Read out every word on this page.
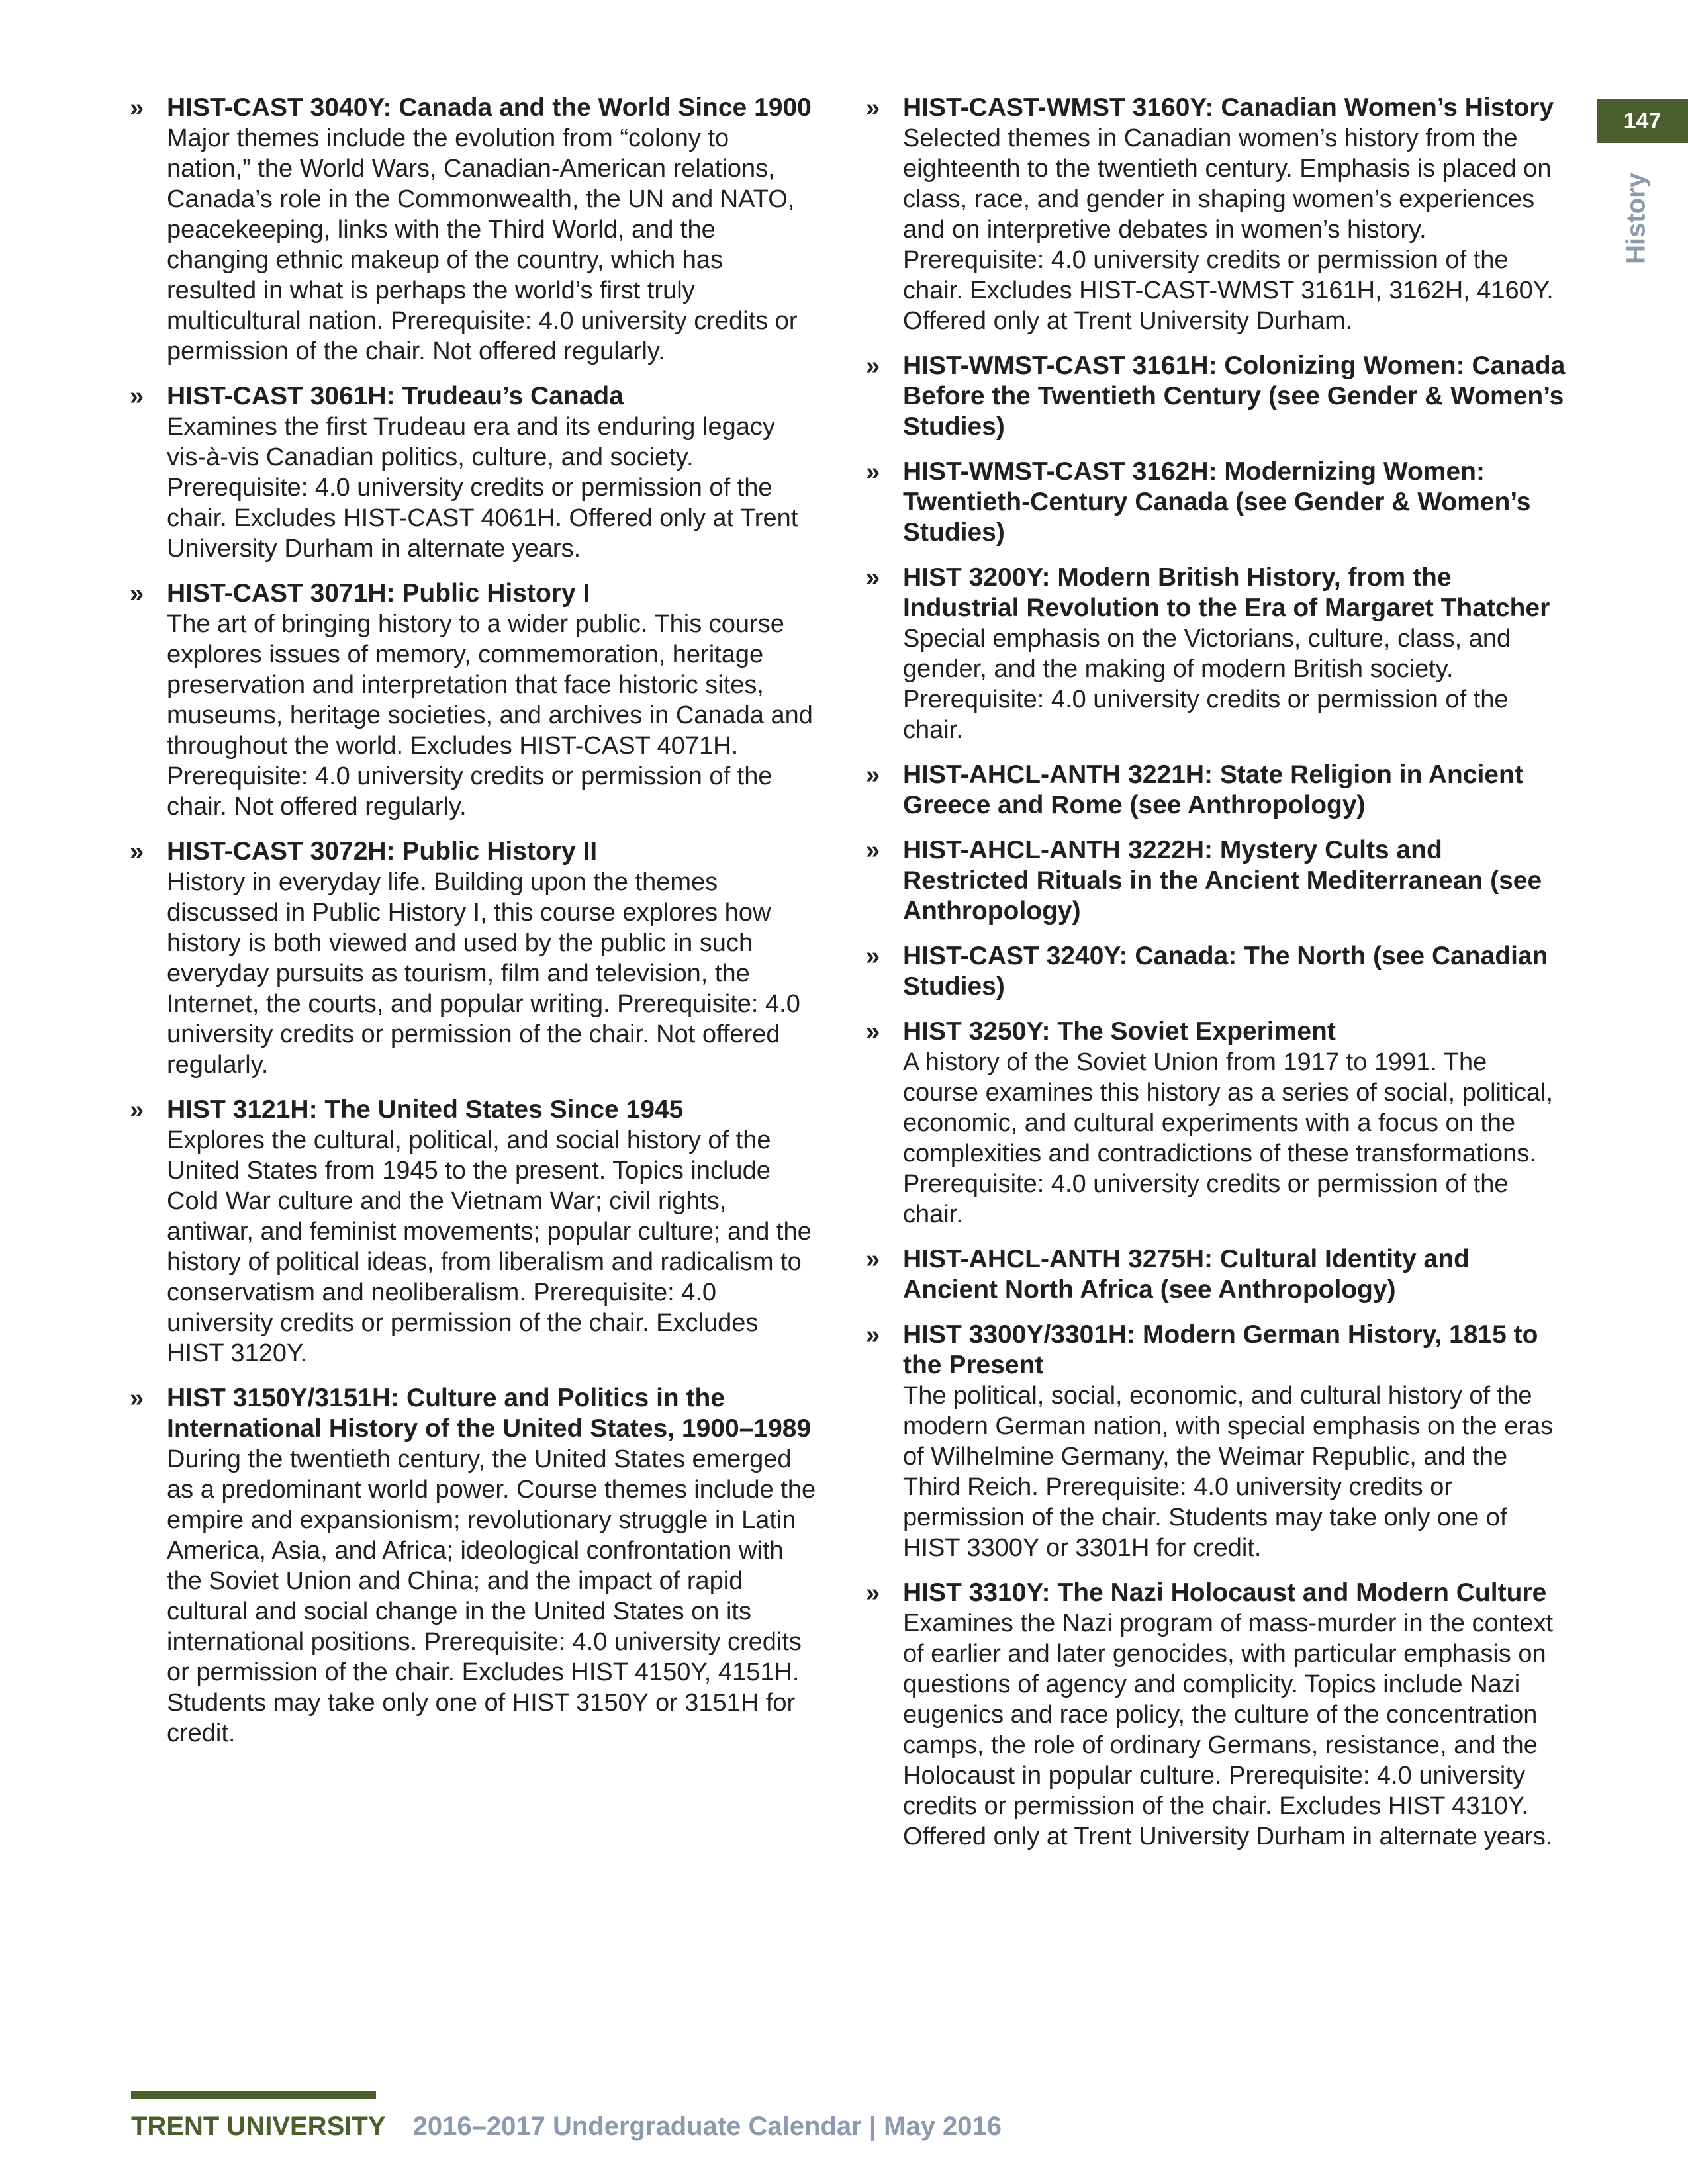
147
History
» HIST-CAST 3040Y: Canada and the World Since 1900

Major themes include the evolution from “colony to nation,” the World Wars, Canadian-American relations, Canada’s role in the Commonwealth, the UN and NATO, peacekeeping, links with the Third World, and the changing ethnic makeup of the country, which has resulted in what is perhaps the world’s first truly multicultural nation. Prerequisite: 4.0 university credits or permission of the chair. Not offered regularly.

» HIST-CAST 3061H: Trudeau’s Canada

Examines the first Trudeau era and its enduring legacy vis-à-vis Canadian politics, culture, and society. Prerequisite: 4.0 university credits or permission of the chair. Excludes HIST-CAST 4061H. Offered only at Trent University Durham in alternate years.

» HIST-CAST 3071H: Public History I

The art of bringing history to a wider public. This course explores issues of memory, commemoration, heritage preservation and interpretation that face historic sites, museums, heritage societies, and archives in Canada and throughout the world. Excludes HIST-CAST 4071H. Prerequisite: 4.0 university credits or permission of the chair. Not offered regularly.

» HIST-CAST 3072H: Public History II

History in everyday life. Building upon the themes discussed in Public History I, this course explores how history is both viewed and used by the public in such everyday pursuits as tourism, film and television, the Internet, the courts, and popular writing. Prerequisite: 4.0 university credits or permission of the chair. Not offered regularly.

» HIST 3121H: The United States Since 1945

Explores the cultural, political, and social history of the United States from 1945 to the present. Topics include Cold War culture and the Vietnam War; civil rights, antiwar, and feminist movements; popular culture; and the history of political ideas, from liberalism and radicalism to conservatism and neoliberalism. Prerequisite: 4.0 university credits or permission of the chair. Excludes HIST 3120Y.

» HIST 3150Y/3151H: Culture and Politics in the International History of the United States, 1900–1989

During the twentieth century, the United States emerged as a predominant world power. Course themes include the empire and expansionism; revolutionary struggle in Latin America, Asia, and Africa; ideological confrontation with the Soviet Union and China; and the impact of rapid cultural and social change in the United States on its international positions. Prerequisite: 4.0 university credits or permission of the chair. Excludes HIST 4150Y, 4151H. Students may take only one of HIST 3150Y or 3151H for credit.

» HIST-CAST-WMST 3160Y: Canadian Women’s History

Selected themes in Canadian women’s history from the eighteenth to the twentieth century. Emphasis is placed on class, race, and gender in shaping women’s experiences and on interpretive debates in women’s history. Prerequisite: 4.0 university credits or permission of the chair. Excludes HIST-CAST-WMST 3161H, 3162H, 4160Y. Offered only at Trent University Durham.

» HIST-WMST-CAST 3161H: Colonizing Women: Canada Before the Twentieth Century (see Gender & Women’s Studies)

» HIST-WMST-CAST 3162H: Modernizing Women: Twentieth-Century Canada (see Gender & Women’s Studies)

» HIST 3200Y: Modern British History, from the Industrial Revolution to the Era of Margaret Thatcher

Special emphasis on the Victorians, culture, class, and gender, and the making of modern British society. Prerequisite: 4.0 university credits or permission of the chair.

» HIST-AHCL-ANTH 3221H: State Religion in Ancient Greece and Rome (see Anthropology)

» HIST-AHCL-ANTH 3222H: Mystery Cults and Restricted Rituals in the Ancient Mediterranean (see Anthropology)

» HIST-CAST 3240Y: Canada: The North (see Canadian Studies)

» HIST 3250Y: The Soviet Experiment

A history of the Soviet Union from 1917 to 1991. The course examines this history as a series of social, political, economic, and cultural experiments with a focus on the complexities and contradictions of these transformations. Prerequisite: 4.0 university credits or permission of the chair.

» HIST-AHCL-ANTH 3275H: Cultural Identity and Ancient North Africa (see Anthropology)

» HIST 3300Y/3301H: Modern German History, 1815 to the Present

The political, social, economic, and cultural history of the modern German nation, with special emphasis on the eras of Wilhelmine Germany, the Weimar Republic, and the Third Reich. Prerequisite: 4.0 university credits or permission of the chair. Students may take only one of HIST 3300Y or 3301H for credit.

» HIST 3310Y: The Nazi Holocaust and Modern Culture

Examines the Nazi program of mass-murder in the context of earlier and later genocides, with particular emphasis on questions of agency and complicity. Topics include Nazi eugenics and race policy, the culture of the concentration camps, the role of ordinary Germans, resistance, and the Holocaust in popular culture. Prerequisite: 4.0 university credits or permission of the chair. Excludes HIST 4310Y. Offered only at Trent University Durham in alternate years.

TRENT UNIVERSITY 2016–2017 Undergraduate Calendar | May 2016
